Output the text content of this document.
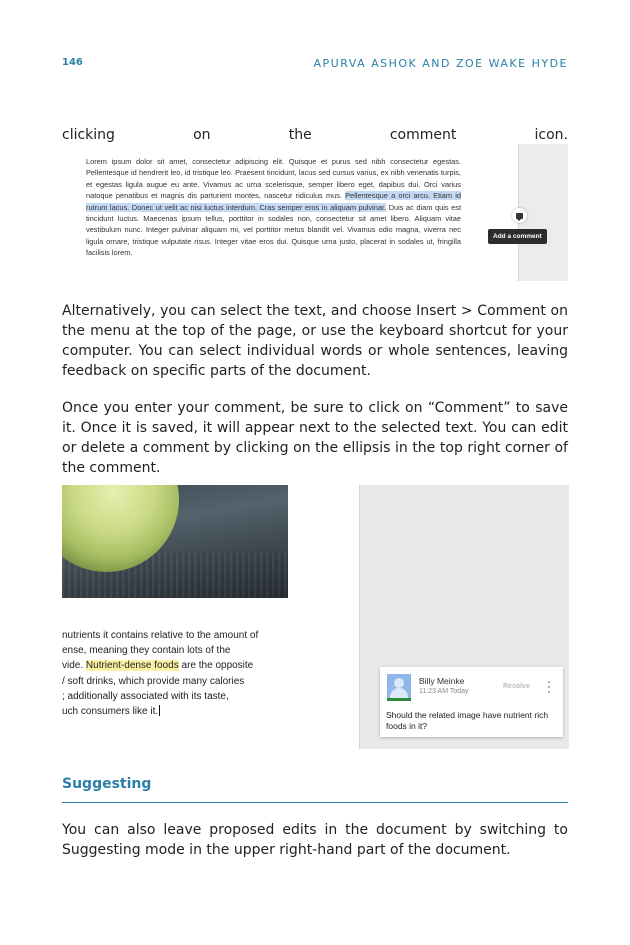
146	APURVA ASHOK AND ZOE WAKE HYDE
clicking	on	the	comment	icon.

Lorem ipsum dolor sit amet, consectetur adipiscing elit. Quisque et purus sed nibh consectetur egestas. Pellentesque id hendrerit leo, id tristique leo. Praesent tincidunt, lacus sed cursus varius, ex nibh venenatis turpis, et egestas ligula augue eu ante. Vivamus ac urna scelerisque, semper libero eget, dapibus dui. Orci varius natoque penatibus et magnis dis parturient montes, nascetur ridiculus mus. Pellentesque a orci arcu. Etiam id rutrum lacus. Donec ut velit ac nisi luctus interdum. Cras semper eros in aliquam pulvinar. Duis ac diam quis est tincidunt luctus. Maecenas ipsum tellus, porttitor in sodales non, consectetur sit amet libero. Aliquam vitae vestibulum nunc. Integer pulvinar aliquam mi, vel porttitor metus blandit vel. Vivamus odio magna, viverra nec ligula ornare, tristique vulputate risus. Integer vitae eros dui. Quisque urna justo, placerat in sodales ut, fringilla facilisis lorem.

Add a comment

Alternatively, you can select the text, and choose Insert > Comment on the menu at the top of the page, or use the keyboard shortcut for your computer. You can select individual words or whole sentences, leaving feedback on specific parts of the document.

Once you enter your comment, be sure to click on “Comment” to save it. Once it is saved, it will appear next to the selected text. You can edit or delete a comment by clicking on the ellipsis in the top right corner of the comment.

nutrients it contains relative to the amount of
ense, meaning they contain lots of the
vide. Nutrient-dense foods are the opposite
/ soft drinks, which provide many calories
; additionally associated with its taste,
uch consumers like it.
Billy Meinke
11:23 AM Today
Resolve
Should the related image have nutrient rich foods in it?
Suggesting

You can also leave proposed edits in the document by switching to Suggesting mode in the upper right-hand part of the document.
